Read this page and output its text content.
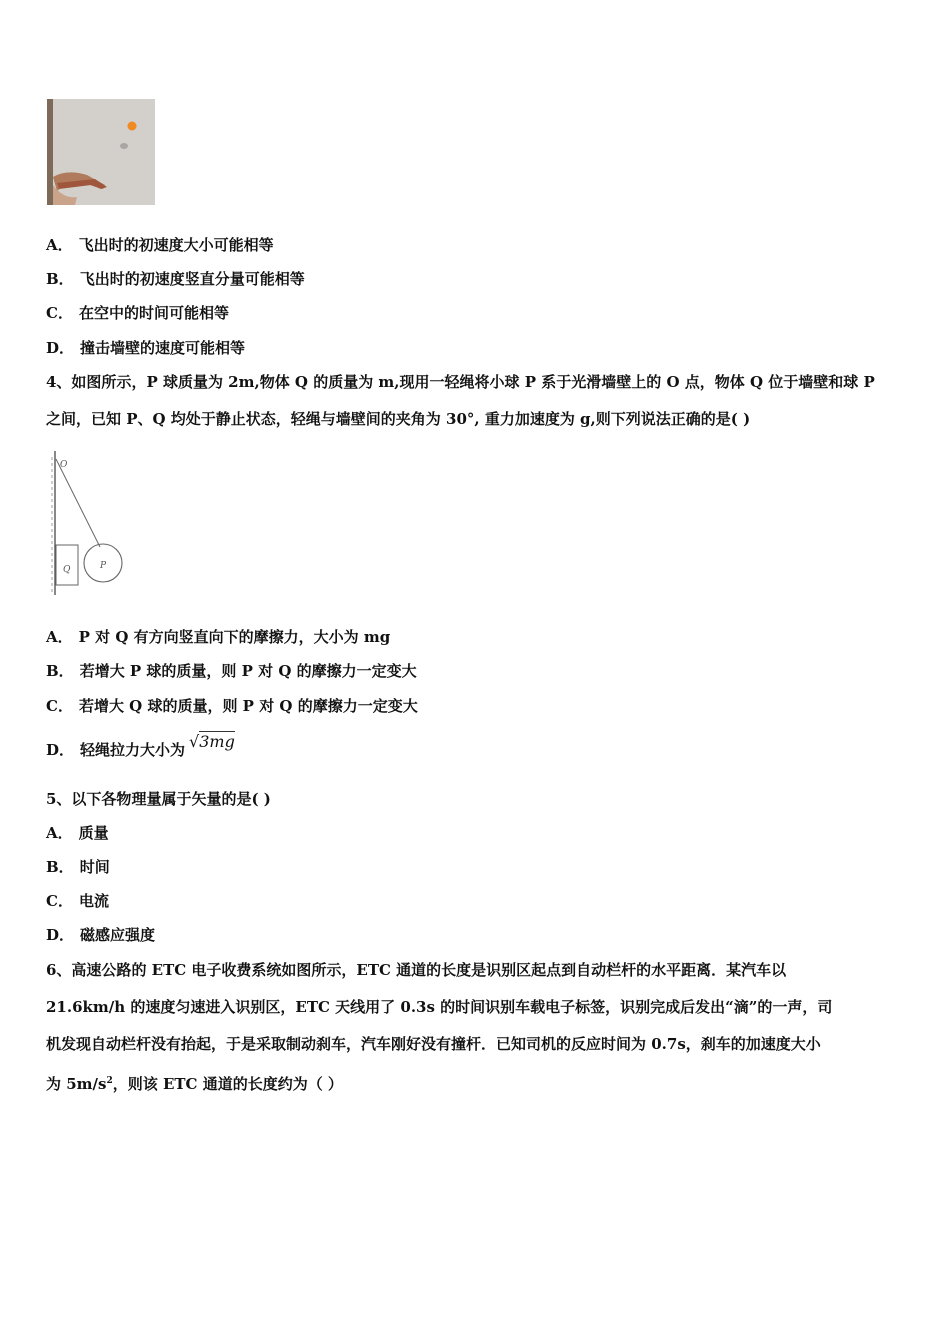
A． 飞出时的初速度大小可能相等
B． 飞出时的初速度竖直分量可能相等
C． 在空中的时间可能相等
D． 撞击墙壁的速度可能相等
4、如图所示，P 球质量为 2m,物体 Q 的质量为 m,现用一轻绳将小球 P 系于光滑墙壁上的 O 点，物体 Q 位于墙壁和球 P
之间，已知 P、Q 均处于静止状态，轻绳与墙壁间的夹角为 30°, 重力加速度为 g,则下列说法正确的是( )
O
Q	P
A． P 对 Q 有方向竖直向下的摩擦力，大小为 mg
B． 若增大 P 球的质量，则 P 对 Q 的摩擦力一定变大
C． 若增大 Q 球的质量，则 P 对 Q 的摩擦力一定变大
D． 轻绳拉力大小为 √3mg
5、以下各物理量属于矢量的是( )
A． 质量
B． 时间
C． 电流
D． 磁感应强度
6、高速公路的 ETC 电子收费系统如图所示，ETC 通道的长度是识别区起点到自动栏杆的水平距离．某汽车以
21.6km/h 的速度匀速进入识别区，ETC 天线用了 0.3s 的时间识别车载电子标签，识别完成后发出“滴”的一声，司
机发现自动栏杆没有抬起，于是采取制动刹车，汽车刚好没有撞杆．已知司机的反应时间为 0.7s，刹车的加速度大小
为 $5m/s^2$，则该 ETC 通道的长度约为（ ）
